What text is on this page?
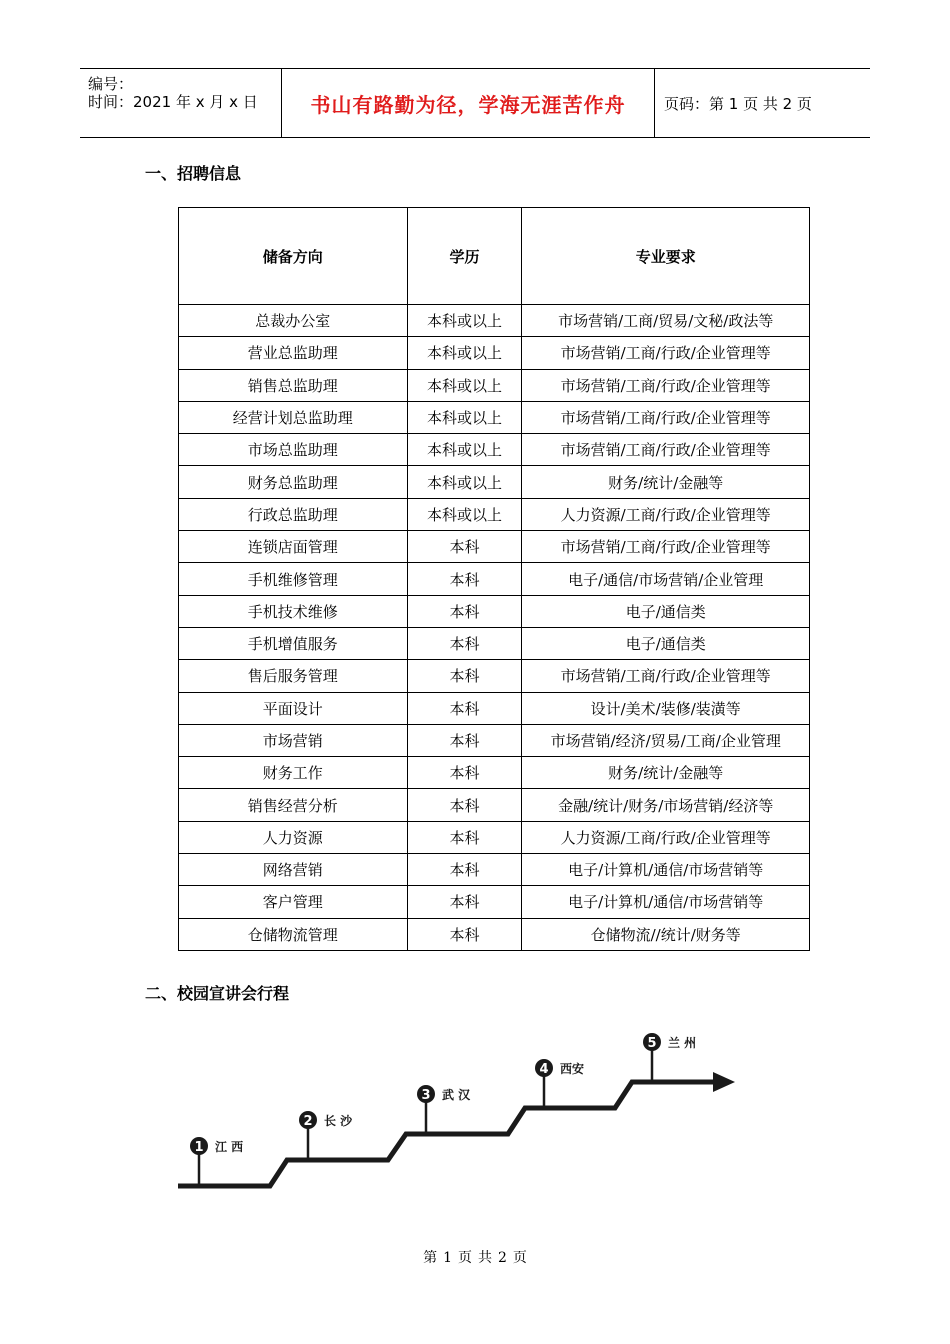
编号：
时间：2021 年 x 月 x 日	书山有路勤为径，学海无涯苦作舟	页码：第 1 页 共 2 页
一、招聘信息
储备方向	学历	专业要求
总裁办公室	本科或以上	市场营销/工商/贸易/文秘/政法等
营业总监助理	本科或以上	市场营销/工商/行政/企业管理等
销售总监助理	本科或以上	市场营销/工商/行政/企业管理等
经营计划总监助理	本科或以上	市场营销/工商/行政/企业管理等
市场总监助理	本科或以上	市场营销/工商/行政/企业管理等
财务总监助理	本科或以上	财务/统计/金融等
行政总监助理	本科或以上	人力资源/工商/行政/企业管理等
连锁店面管理	本科	市场营销/工商/行政/企业管理等
手机维修管理	本科	电子/通信/市场营销/企业管理
手机技术维修	本科	电子/通信类
手机增值服务	本科	电子/通信类
售后服务管理	本科	市场营销/工商/行政/企业管理等
平面设计	本科	设计/美术/装修/装潢等
市场营销	本科	市场营销/经济/贸易/工商/企业管理
财务工作	本科	财务/统计/金融等
销售经营分析	本科	金融/统计/财务/市场营销/经济等
人力资源	本科	人力资源/工商/行政/企业管理等
网络营销	本科	电子/计算机/通信/市场营销等
客户管理	本科	电子/计算机/通信/市场营销等
仓储物流管理	本科	仓储物流//统计/财务等
二、校园宣讲会行程
1 江 西
2 长 沙
3 武 汉
4 西安
5 兰 州
第 1 页 共 2 页
